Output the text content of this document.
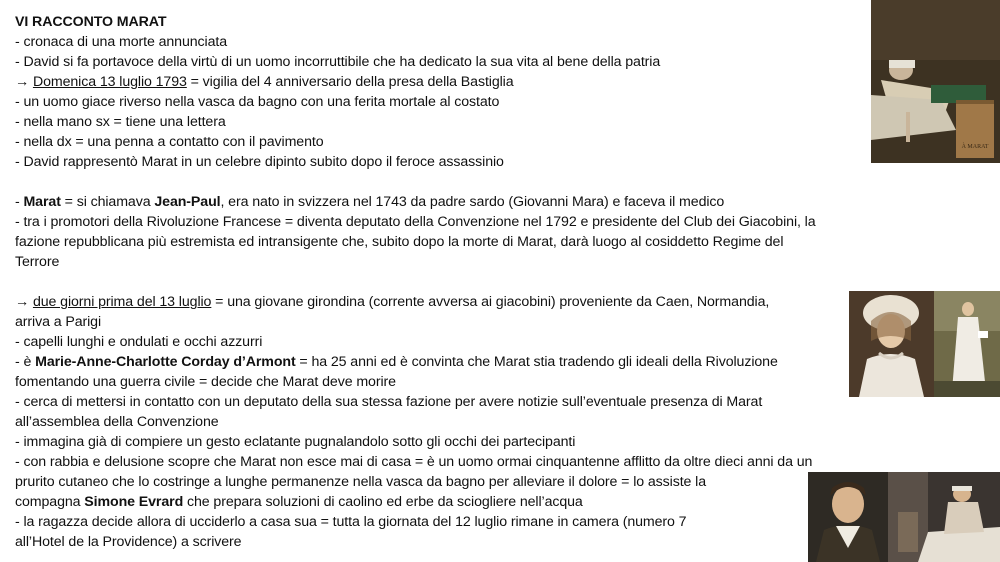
VI RACCONTO MARAT
- cronaca di una morte annunciata
- David si fa portavoce della virtù di un uomo incorruttibile che ha dedicato la sua vita al bene della patria
→ Domenica 13 luglio 1793 = vigilia del 4 anniversario della presa della Bastiglia
- un uomo giace riverso nella vasca da bagno con una ferita mortale al costato
- nella mano sx = tiene una lettera
- nella dx = una penna a contatto con il pavimento
- David rappresentò Marat in un celebre dipinto subito dopo il feroce assassinio
- Marat = si chiamava Jean-Paul, era nato in svizzera nel 1743 da padre sardo (Giovanni Mara) e faceva il medico
- tra i promotori della Rivoluzione Francese = diventa deputato della Convenzione nel 1792 e presidente del Club dei Giacobini, la
fazione repubblicana più estremista ed intransigente che, subito dopo la morte di Marat, darà luogo al cosiddetto Regime del
Terrore
→ due giorni prima del 13 luglio = una giovane girondina (corrente avversa ai giacobini) proveniente da Caen, Normandia,
arriva a Parigi
- capelli lunghi e ondulati e occhi azzurri
- è Marie-Anne-Charlotte Corday d’Armont = ha 25 anni ed è convinta che Marat stia tradendo gli ideali della Rivoluzione
fomentando una guerra civile = decide che Marat deve morire
- cerca di mettersi in contatto con un deputato della sua stessa fazione per avere notizie sull’eventuale presenza di Marat
all’assemblea della Convenzione
- immagina già di compiere un gesto eclatante pugnalandolo sotto gli occhi dei partecipanti
- con rabbia e delusione scopre che Marat non esce mai di casa = è un uomo ormai cinquantenne afflitto da oltre dieci anni da un
prurito cutaneo che lo costringe a lunghe permanenze nella vasca da bagno per alleviare il dolore = lo assiste la
compagna Simone Evrard che prepara soluzioni di caolino ed erbe da sciogliere nell’acqua
- la ragazza decide allora di ucciderlo a casa sua = tutta la giornata del 12 luglio rimane in camera (numero 7
all’Hotel de la Providence) a scrivere
À MARAT
